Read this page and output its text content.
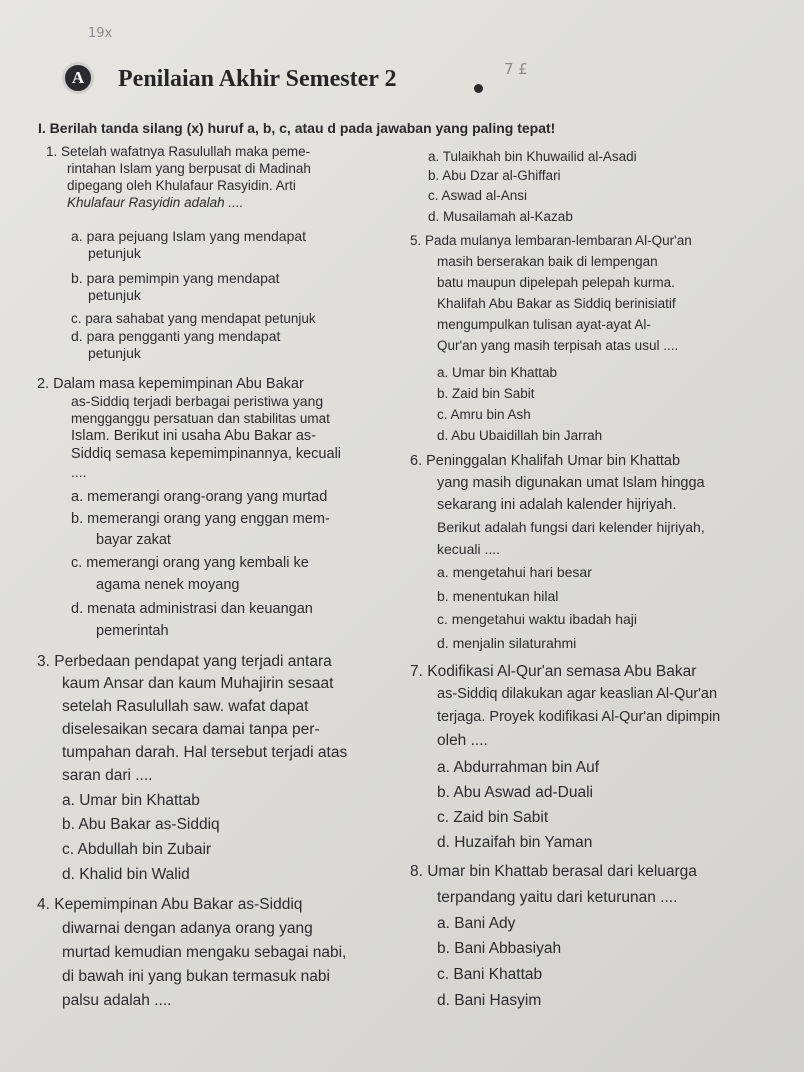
19x
7 £
A	Penilaian Akhir Semester 2
I. Berilah tanda silang (x) huruf a, b, c, atau d pada jawaban yang paling tepat!
1. Setelah wafatnya Rasulullah maka peme-
rintahan Islam yang berpusat di Madinah
dipegang oleh Khulafaur Rasyidin. Arti
Khulafaur Rasyidin adalah ....
a. para pejuang Islam yang mendapat
petunjuk
b. para pemimpin yang mendapat
petunjuk
c. para sahabat yang mendapat petunjuk
d. para pengganti yang mendapat
petunjuk
2. Dalam masa kepemimpinan Abu Bakar
as-Siddiq terjadi berbagai peristiwa yang
mengganggu persatuan dan stabilitas umat
Islam. Berikut ini usaha Abu Bakar as-
Siddiq semasa kepemimpinannya, kecuali
....
a. memerangi orang-orang yang murtad
b. memerangi orang yang enggan mem-
bayar zakat
c. memerangi orang yang kembali ke
agama nenek moyang
d. menata administrasi dan keuangan
pemerintah
3. Perbedaan pendapat yang terjadi antara
kaum Ansar dan kaum Muhajirin sesaat
setelah Rasulullah saw. wafat dapat
diselesaikan secara damai tanpa per-
tumpahan darah. Hal tersebut terjadi atas
saran dari ....
a. Umar bin Khattab
b. Abu Bakar as-Siddiq
c. Abdullah bin Zubair
d. Khalid bin Walid
4. Kepemimpinan Abu Bakar as-Siddiq
diwarnai dengan adanya orang yang
murtad kemudian mengaku sebagai nabi,
di bawah ini yang bukan termasuk nabi
palsu adalah ....
a. Tulaikhah bin Khuwailid al-Asadi
b. Abu Dzar al-Ghiffari
c. Aswad al-Ansi
d. Musailamah al-Kazab
5. Pada mulanya lembaran-lembaran Al-Qur'an
masih berserakan baik di lempengan
batu maupun dipelepah pelepah kurma.
Khalifah Abu Bakar as Siddiq berinisiatif
mengumpulkan tulisan ayat-ayat Al-
Qur'an yang masih terpisah atas usul ....
a. Umar bin Khattab
b. Zaid bin Sabit
c. Amru bin Ash
d. Abu Ubaidillah bin Jarrah
6. Peninggalan Khalifah Umar bin Khattab
yang masih digunakan umat Islam hingga
sekarang ini adalah kalender hijriyah.
Berikut adalah fungsi dari kelender hijriyah,
kecuali ....
a. mengetahui hari besar
b. menentukan hilal
c. mengetahui waktu ibadah haji
d. menjalin silaturahmi
7. Kodifikasi Al-Qur'an semasa Abu Bakar
as-Siddiq dilakukan agar keaslian Al-Qur'an
terjaga. Proyek kodifikasi Al-Qur'an dipimpin
oleh ....
a. Abdurrahman bin Auf
b. Abu Aswad ad-Duali
c. Zaid bin Sabit
d. Huzaifah bin Yaman
8. Umar bin Khattab berasal dari keluarga
terpandang yaitu dari keturunan ....
a. Bani Ady
b. Bani Abbasiyah
c. Bani Khattab
d. Bani Hasyim
